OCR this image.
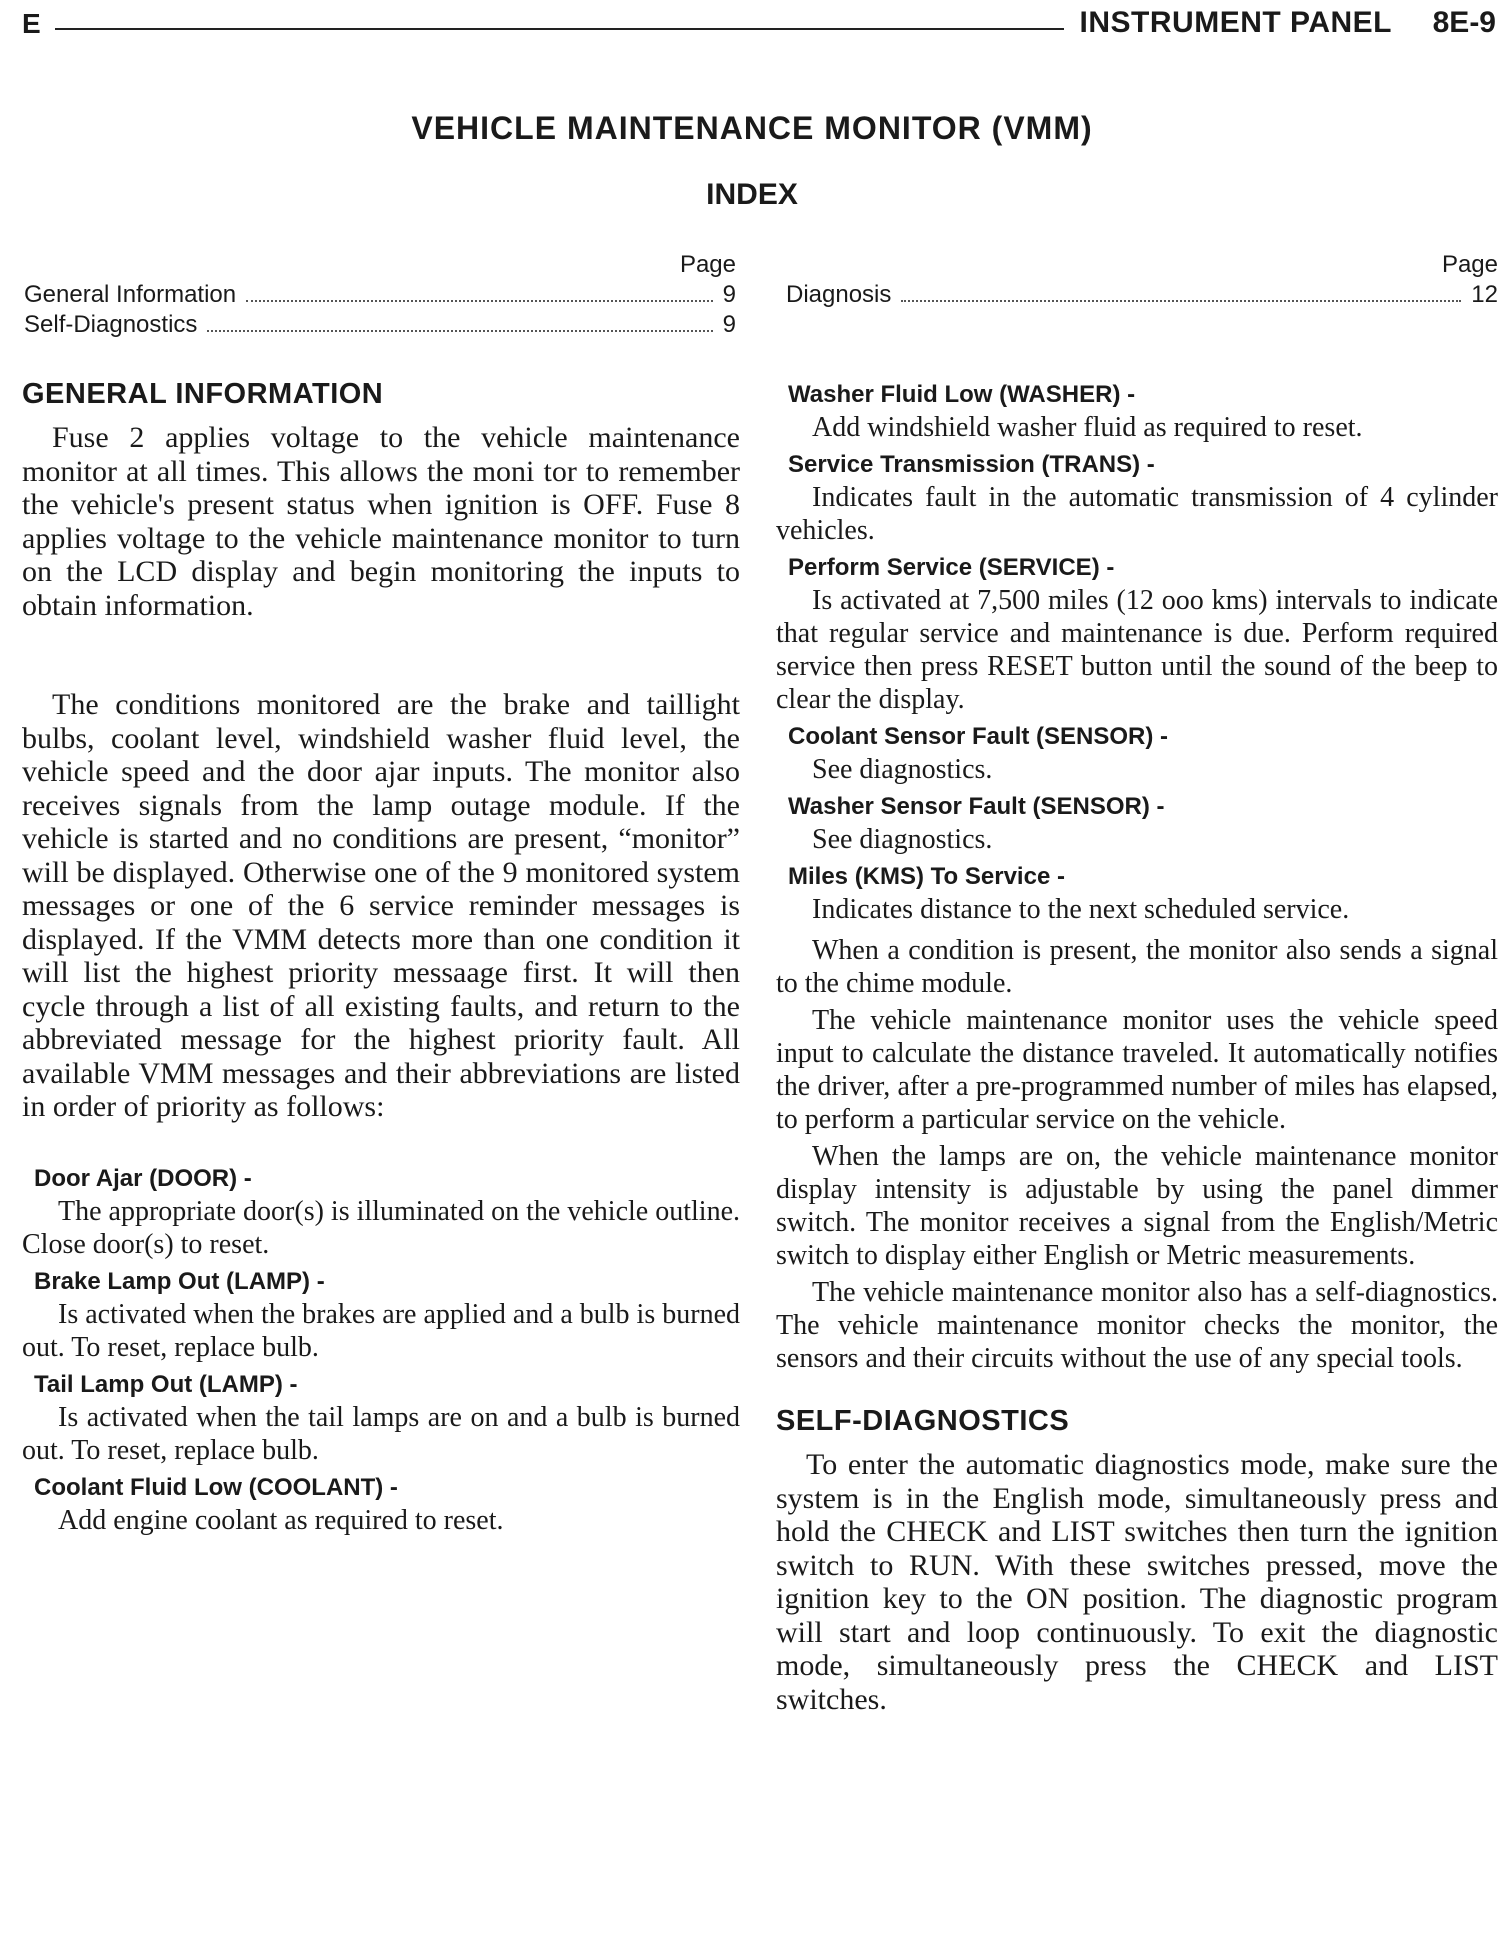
E	INSTRUMENT PANEL 8E-9
VEHICLE MAINTENANCE MONITOR (VMM)
INDEX
Page
General Information	9
Self-Diagnostics	9
Page
Diagnosis	12
GENERAL INFORMATION

Fuse 2 applies voltage to the vehicle maintenance monitor at all times. This allows the moni tor to remember the vehicle's present status when ignition is OFF. Fuse 8 applies voltage to the vehicle maintenance monitor to turn on the LCD display and begin monitoring the inputs to obtain information.

The conditions monitored are the brake and taillight bulbs, coolant level, windshield washer fluid level, the vehicle speed and the door ajar inputs. The monitor also receives signals from the lamp outage module. If the vehicle is started and no conditions are present, “monitor” will be displayed. Otherwise one of the 9 monitored system messages or one of the 6 service reminder messages is displayed. If the VMM detects more than one condition it will list the highest priority messaage first. It will then cycle through a list of all existing faults, and return to the abbreviated message for the highest priority fault. All available VMM messages and their abbreviations are listed in order of priority as follows:

Door Ajar (DOOR) -

The appropriate door(s) is illuminated on the vehicle outline. Close door(s) to reset.

Brake Lamp Out (LAMP) -

Is activated when the brakes are applied and a bulb is burned out. To reset, replace bulb.

Tail Lamp Out (LAMP) -

Is activated when the tail lamps are on and a bulb is burned out. To reset, replace bulb.

Coolant Fluid Low (COOLANT) -

Add engine coolant as required to reset.

Washer Fluid Low (WASHER) -

Add windshield washer fluid as required to reset.

Service Transmission (TRANS) -

Indicates fault in the automatic transmission of 4 cylinder vehicles.

Perform Service (SERVICE) -

Is activated at 7,500 miles (12 ooo kms) intervals to indicate that regular service and maintenance is due. Perform required service then press RESET button until the sound of the beep to clear the display.

Coolant Sensor Fault (SENSOR) -

See diagnostics.

Washer Sensor Fault (SENSOR) -

See diagnostics.

Miles (KMS) To Service -

Indicates distance to the next scheduled service.

When a condition is present, the monitor also sends a signal to the chime module.

The vehicle maintenance monitor uses the vehicle speed input to calculate the distance traveled. It automatically notifies the driver, after a pre-programmed number of miles has elapsed, to perform a particular service on the vehicle.

When the lamps are on, the vehicle maintenance monitor display intensity is adjustable by using the panel dimmer switch. The monitor receives a signal from the English/Metric switch to display either English or Metric measurements.

The vehicle maintenance monitor also has a self-diagnostics. The vehicle maintenance monitor checks the monitor, the sensors and their circuits without the use of any special tools.

SELF-DIAGNOSTICS

To enter the automatic diagnostics mode, make sure the system is in the English mode, simultaneously press and hold the CHECK and LIST switches then turn the ignition switch to RUN. With these switches pressed, move the ignition key to the ON position. The diagnostic program will start and loop continuously. To exit the diagnostic mode, simultaneously press the CHECK and LIST switches.
